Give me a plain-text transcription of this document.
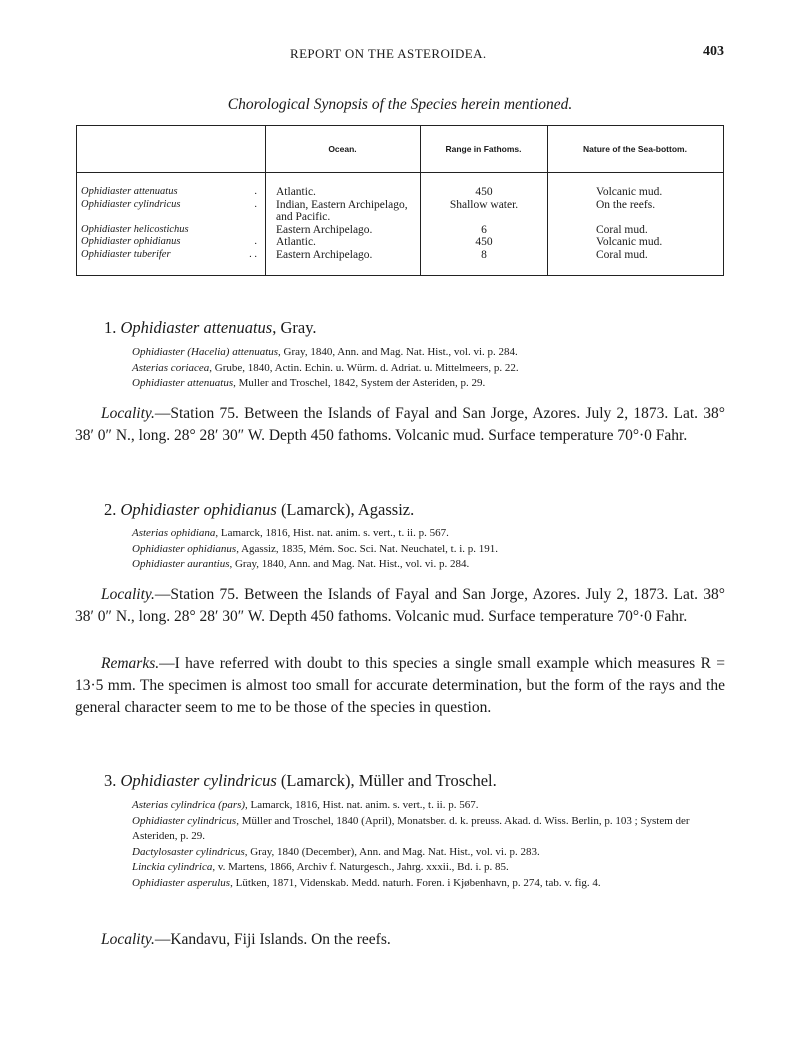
REPORT ON THE ASTEROIDEA.	403
Chorological Synopsis of the Species herein mentioned.
	Ocean.	Range in Fathoms.	Nature of the Sea-bottom.
Ophidiaster attenuatus .	Atlantic.	450	Volcanic mud.
Ophidiaster cylindricus .	Indian, Eastern Archipelago, and Pacific.	Shallow water.	On the reefs.
Ophidiaster helicostichus	Eastern Archipelago.	6	Coral mud.
Ophidiaster ophidianus .	Atlantic.	450	Volcanic mud.
Ophidiaster tuberifer . .	Eastern Archipelago.	8	Coral mud.
1. Ophidiaster attenuatus, Gray.

Ophidiaster (Hacelia) attenuatus, Gray, 1840, Ann. and Mag. Nat. Hist., vol. vi. p. 284.

Asterias coriacea, Grube, 1840, Actin. Echin. u. Würm. d. Adriat. u. Mittelmeers, p. 22.

Ophidiaster attenuatus, Muller and Troschel, 1842, System der Asteriden, p. 29.

Locality.—Station 75. Between the Islands of Fayal and San Jorge, Azores. July 2, 1873. Lat. 38° 38′ 0″ N., long. 28° 28′ 30″ W. Depth 450 fathoms. Volcanic mud. Surface temperature 70°·0 Fahr.

2. Ophidiaster ophidianus (Lamarck), Agassiz.

Asterias ophidiana, Lamarck, 1816, Hist. nat. anim. s. vert., t. ii. p. 567.

Ophidiaster ophidianus, Agassiz, 1835, Mém. Soc. Sci. Nat. Neuchatel, t. i. p. 191.

Ophidiaster aurantius, Gray, 1840, Ann. and Mag. Nat. Hist., vol. vi. p. 284.

Locality.—Station 75. Between the Islands of Fayal and San Jorge, Azores. July 2, 1873. Lat. 38° 38′ 0″ N., long. 28° 28′ 30″ W. Depth 450 fathoms. Volcanic mud. Surface temperature 70°·0 Fahr.

Remarks.—I have referred with doubt to this species a single small example which measures R = 13·5 mm. The specimen is almost too small for accurate determination, but the form of the rays and the general character seem to me to be those of the species in question.

3. Ophidiaster cylindricus (Lamarck), Müller and Troschel.

Asterias cylindrica (pars), Lamarck, 1816, Hist. nat. anim. s. vert., t. ii. p. 567.

Ophidiaster cylindricus, Müller and Troschel, 1840 (April), Monatsber. d. k. preuss. Akad. d. Wiss. Berlin, p. 103 ; System der Asteriden, p. 29.

Dactylosaster cylindricus, Gray, 1840 (December), Ann. and Mag. Nat. Hist., vol. vi. p. 283.

Linckia cylindrica, v. Martens, 1866, Archiv f. Naturgesch., Jahrg. xxxii., Bd. i. p. 85.

Ophidiaster asperulus, Lütken, 1871, Videnskab. Medd. naturh. Foren. i Kjøbenhavn, p. 274, tab. v. fig. 4.

Locality.—Kandavu, Fiji Islands. On the reefs.
